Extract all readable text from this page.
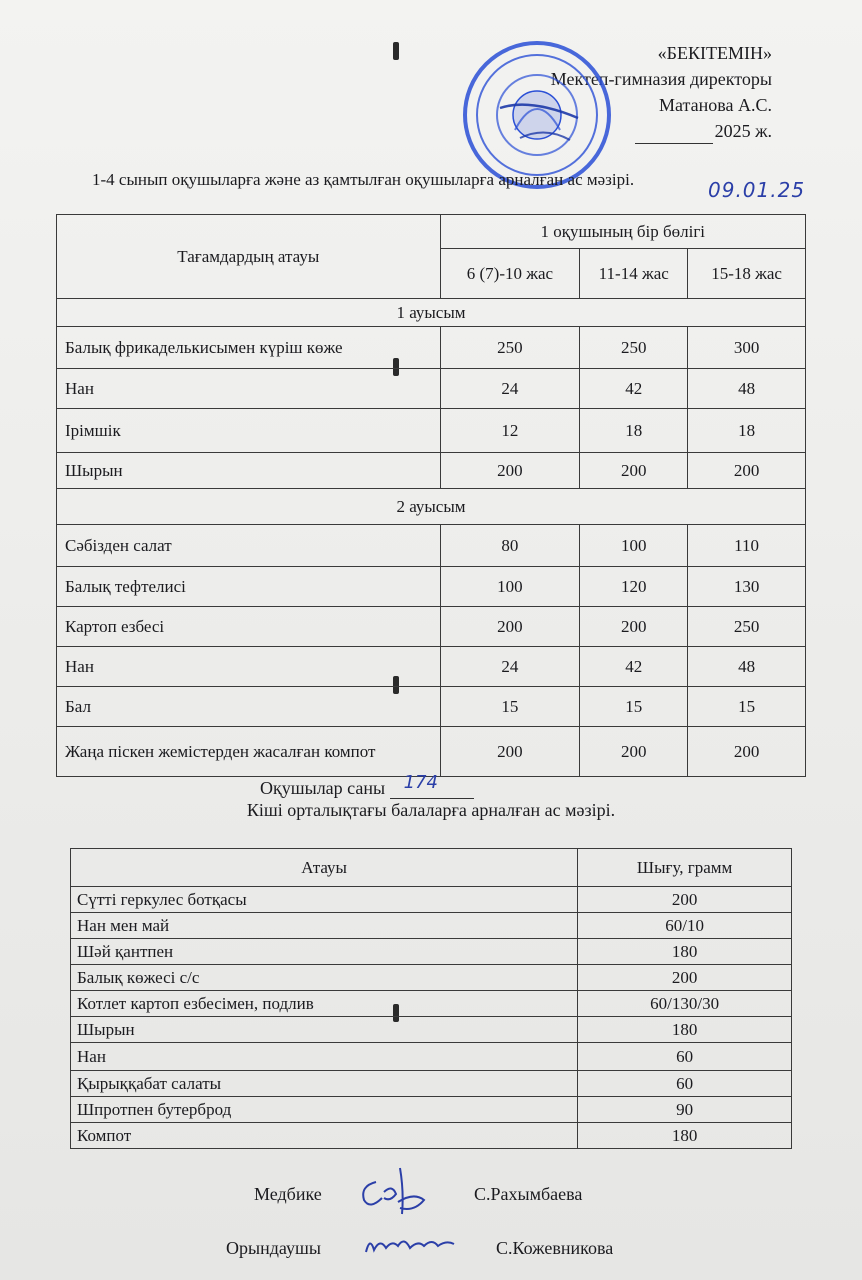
«БЕКІТЕМІН»
Мектеп-гимназия директоры
Матанова А.С.
2025 ж.
1-4 сынып оқушыларға және аз қамтылған оқушыларға арналған ас мәзірі.	09.01.25
Тағамдардың атауы	1 оқушының бір бөлігі		
	6 (7)-10 жас	11-14 жас	15-18 жас
1 ауысым			
Балық фрикаделькисымен күріш көже	250	250	300
Нан	24	42	48
Ірімшік	12	18	18
Шырын	200	200	200
2 ауысым			
Сәбізден салат	80	100	110
Балық тефтелисі	100	120	130
Картоп езбесі	200	200	250
Нан	24	42	48
Бал	15	15	15
Жаңа піскен жемістерден жасалған компот	200	200	200
Оқушылар саны 174
Кіші орталықтағы балаларға арналған ас мәзірі.
Атауы	Шығу, грамм
Сүтті геркулес ботқасы	200
Нан мен май	60/10
Шәй қантпен	180
Балық көжесі с/с	200
Котлет картоп езбесімен, подлив	60/130/30
Шырын	180
Нан	60
Қырыққабат салаты	60
Шпротпен бутерброд	90
Компот	180
Медбике	С.Рахымбаева
Орындаушы	С.Кожевникова
